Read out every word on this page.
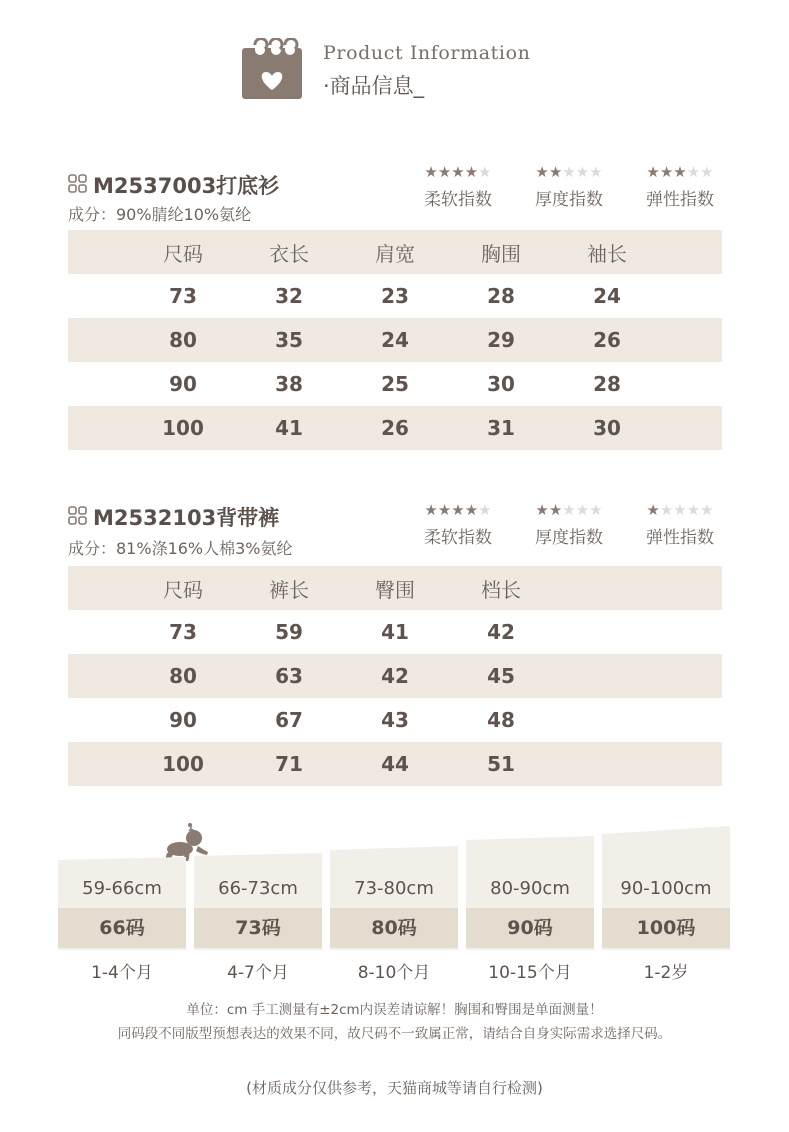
Product Information
·商品信息_
M2537003打底衫
成分：90%腈纶10%氨纶
★★★★★
柔软指数
★★★★★
厚度指数
★★★★★
弹性指数
尺码	衣长	肩宽	胸围	袖长
73	32	23	28	24
80	35	24	29	26
90	38	25	30	28
100	41	26	31	30
M2532103背带裤
成分：81%涤16%人棉3%氨纶
★★★★★
柔软指数
★★★★★
厚度指数
★★★★★
弹性指数
尺码	裤长	臀围	档长
73	59	41	42
80	63	42	45
90	67	43	48
100	71	44	51
59-66cm
66码
1-4个月
66-73cm
73码
4-7个月
73-80cm
80码
8-10个月
80-90cm
90码
10-15个月
90-100cm
100码
1-2岁
单位：cm 手工测量有±2cm内误差请谅解！胸围和臀围是单面测量！
同码段不同版型预想表达的效果不同，故尺码不一致属正常，请结合自身实际需求选择尺码。
(材质成分仅供参考，天猫商城等请自行检测)
